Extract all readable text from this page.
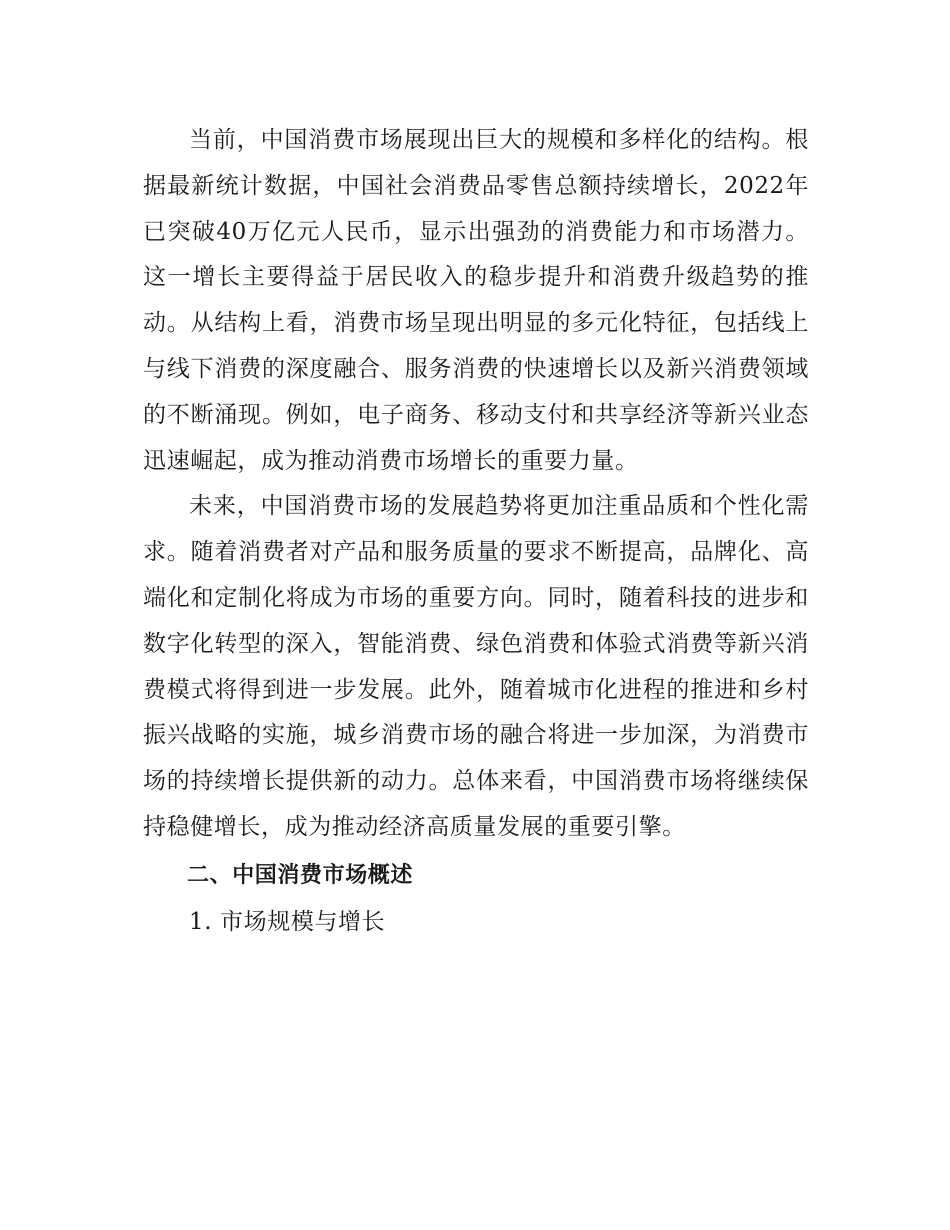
当前，中国消费市场展现出巨大的规模和多样化的结构。根据最新统计数据，中国社会消费品零售总额持续增长，2022年已突破40万亿元人民币，显示出强劲的消费能力和市场潜力。这一增长主要得益于居民收入的稳步提升和消费升级趋势的推动。从结构上看，消费市场呈现出明显的多元化特征，包括线上与线下消费的深度融合、服务消费的快速增长以及新兴消费领域的不断涌现。例如，电子商务、移动支付和共享经济等新兴业态迅速崛起，成为推动消费市场增长的重要力量。

未来，中国消费市场的发展趋势将更加注重品质和个性化需求。随着消费者对产品和服务质量的要求不断提高，品牌化、高端化和定制化将成为市场的重要方向。同时，随着科技的进步和数字化转型的深入，智能消费、绿色消费和体验式消费等新兴消费模式将得到进一步发展。此外，随着城市化进程的推进和乡村振兴战略的实施，城乡消费市场的融合将进一步加深，为消费市场的持续增长提供新的动力。总体来看，中国消费市场将继续保持稳健增长，成为推动经济高质量发展的重要引擎。

二、中国消费市场概述

1. 市场规模与增长
